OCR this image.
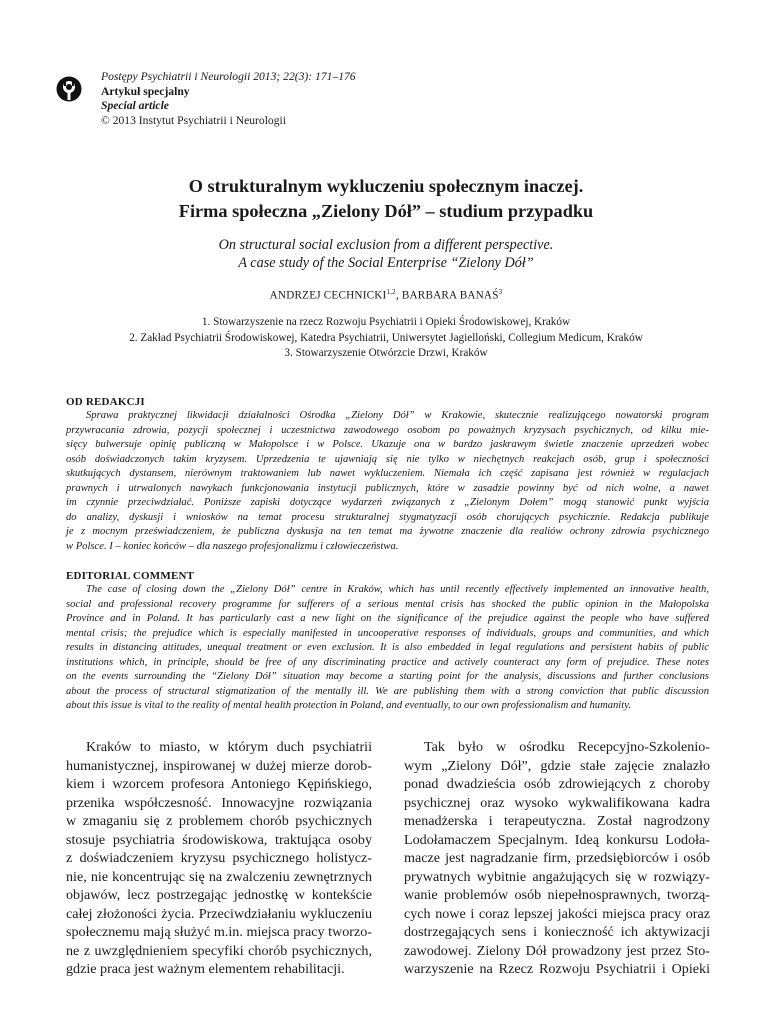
Postępy Psychiatrii i Neurologii 2013; 22(3): 171–176
Artykuł specjalny
Special article
© 2013 Instytut Psychiatrii i Neurologii
O strukturalnym wykluczeniu społecznym inaczej.
Firma społeczna „Zielony Dół” – studium przypadku
On structural social exclusion from a different perspective.
A case study of the Social Enterprise “Zielony Dół”
ANDRZEJ CECHNICKI$^{1,2}$, BARBARA BANAŚ$^3$
1. Stowarzyszenie na rzecz Rozwoju Psychiatrii i Opieki Środowiskowej, Kraków
2. Zakład Psychiatrii Środowiskowej, Katedra Psychiatrii, Uniwersytet Jagielloński, Collegium Medicum, Kraków
3. Stowarzyszenie Otwórzcie Drzwi, Kraków
OD REDAKCJI
Sprawa praktycznej likwidacji działalności Ośrodka „Zielony Dół” w Krakowie, skutecznie realizującego nowatorski program
przywracania zdrowia, pozycji społecznej i uczestnictwa zawodowego osobom po poważnych kryzysach psychicznych, od kilku mie-
sięcy bulwersuje opinię publiczną w Małopolsce i w Polsce. Ukazuje ona w bardzo jaskrawym świetle znaczenie uprzedzeń wobec
osób doświadczonych takim kryzysem. Uprzedzenia te ujawniają się nie tylko w niechętnych reakcjach osób, grup i społeczności
skutkujących dystansem, nierównym traktowaniem lub nawet wykluczeniem. Niemała ich część zapisana jest również w regulacjach
prawnych i utrwalonych nawykach funkcjonowania instytucji publicznych, które w zasadzie powinny być od nich wolne, a nawet
im czynnie przeciwdziałać. Poniższe zapiski dotyczące wydarzeń związanych z „Zielonym Dołem” mogą stanowić punkt wyjścia
do analizy, dyskusji i wniosków na temat procesu strukturalnej stygmatyzacji osób chorujących psychicznie. Redakcja publikuje
je z mocnym przeświadczeniem, że publiczna dyskusja na ten temat ma żywotne znaczenie dla realiów ochrony zdrowia psychicznego
w Polsce. I – koniec końców – dla naszego profesjonalizmu i człowieczeństwa.
EDITORIAL COMMENT
The case of closing down the „Zielony Dół” centre in Kraków, which has until recently effectively implemented an innovative health,
social and professional recovery programme for sufferers of a serious mental crisis has shocked the public opinion in the Małopolska
Province and in Poland. It has particularly cast a new light on the significance of the prejudice against the people who have suffered
mental crisis; the prejudice which is especially manifested in uncooperative responses of individuals, groups and communities, and which
results in distancing attitudes, unequal treatment or even exclusion. It is also embedded in legal regulations and persistent habits of public
institutions which, in principle, should be free of any discriminating practice and actively counteract any form of prejudice. These notes
on the events surrounding the “Zielony Dół” situation may become a starting point for the analysis, discussions and further conclusions
about the process of structural stigmatization of the mentally ill. We are publishing them with a strong conviction that public discussion
about this issue is vital to the reality of mental health protection in Poland, and eventually, to our own professionalism and humanity.
Kraków to miasto, w którym duch psychiatrii
humanistycznej, inspirowanej w dużej mierze dorob-
kiem i wzorcem profesora Antoniego Kępińskiego,
przenika współczesność. Innowacyjne rozwiązania
w zmaganiu się z problemem chorób psychicznych
stosuje psychiatria środowiskowa, traktująca osoby
z doświadczeniem kryzysu psychicznego holistycz-
nie, nie koncentrując się na zwalczeniu zewnętrznych
objawów, lecz postrzegając jednostkę w kontekście
całej złożoności życia. Przeciwdziałaniu wykluczeniu
społecznemu mają służyć m.in. miejsca pracy tworzo-
ne z uwzględnieniem specyfiki chorób psychicznych,
gdzie praca jest ważnym elementem rehabilitacji.
Tak było w ośrodku Recepcyjno-Szkolenio-
wym „Zielony Dół”, gdzie stałe zajęcie znalazło
ponad dwadzieścia osób zdrowiejących z choroby
psychicznej oraz wysoko wykwalifikowana kadra
menadżerska i terapeutyczna. Został nagrodzony
Lodołamaczem Specjalnym. Ideą konkursu Lodoła-
macze jest nagradzanie firm, przedsiębiorców i osób
prywatnych wybitnie angażujących się w rozwiązy-
wanie problemów osób niepełnosprawnych, tworzą-
cych nowe i coraz lepszej jakości miejsca pracy oraz
dostrzegających sens i konieczność ich aktywizacji
zawodowej. Zielony Dół prowadzony jest przez Sto-
warzyszenie na Rzecz Rozwoju Psychiatrii i Opieki
